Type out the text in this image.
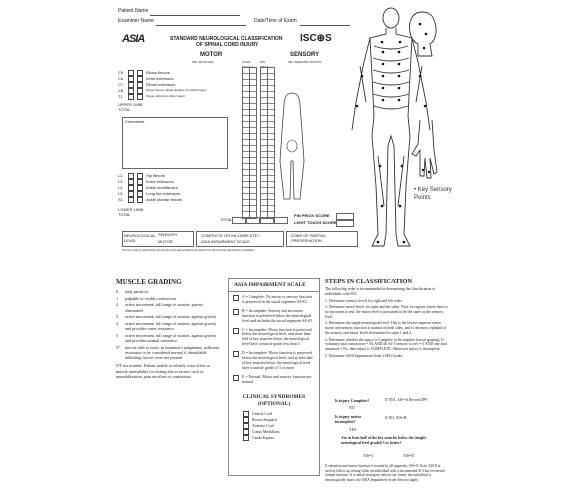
Patient Name
Examiner Name	Date/Time of Exam
ASIA	STANDARD NEUROLOGICAL CLASSIFICATION
OF SPINAL CORD INJURY
ISC⊕S
MOTOR	SENSORY
KEY MUSCLES	LIGHT	PIN	KEY SENSORY POINTS
C5	Elbow flexors
C6	Wrist extensors
C7	Elbow extensors
C8	Finger flexors (distal phalanx of middle finger)
T1	Finger abductors (little finger)
UPPER LIMB
TOTAL
Comments
L2	Hip flexors
L3	Knee extensors
L4	Ankle dorsiflexors
L5	Long toe extensors
S1	Ankle plantar flexors
LOWER LIMB
TOTAL
TOTAL
PIN PRICK SCORE
LIGHT TOUCH SCORE
NEUROLOGICAL LEVEL
SENSORY
MOTOR
COMPLETE OR INCOMPLETE?
ASIA IMPAIRMENT SCALE
ZONE OF PARTIAL PRESERVATION
This form may be copied freely but should not be altered without permission from the American Spinal Injury Association.
• Key Sensory Points
MUSCLE GRADING
0	total paralysis
1	palpable or visible contraction
2	active movement, full range of motion, gravity eliminated
3	active movement, full range of motion, against gravity
4	active movement, full range of motion, against gravity and provides some resistance
5	active movement, full range of motion, against gravity and provides normal resistance
5*	muscle able to exert, in examiner's judgement, sufficient resistance to be considered normal if identifiable inhibiting factors were not present
NT not testable. Patient unable to reliably exert effort or muscle unavailable for testing due to factors such as immobilization, pain on effort or contracture.
ASIA IMPAIRMENT SCALE
A = Complete: No motor or sensory function is preserved in the sacral segments S4-S5.
B = Incomplete: Sensory but not motor function is preserved below the neurological level and includes the sacral segments S4-S5.
C = Incomplete: Motor function is preserved below the neurological level, and more than half of key muscles below the neurological level have a muscle grade less than 3.
D = Incomplete: Motor function is preserved below the neurological level, and at least half of key muscles below the neurological level have a muscle grade of 3 or more.
E = Normal: Motor and sensory function are normal.
CLINICAL SYNDROMES (OPTIONAL)
Central Cord
Brown-Sequard
Anterior Cord
Conus Medullaris
Cauda Equina
STEPS IN CLASSIFICATION
The following order is recommended in determining the classification of individuals with SCI.
1. Determine sensory levels for right and left sides.
2. Determine motor levels for right and left sides. Note: in regions where there is no myotome to test, the motor level is presumed to be the same as the sensory level.
3. Determine the single neurological level. This is the lowest segment where motor and sensory function is normal on both sides, and is the most cephalad of the sensory and motor levels determined in steps 1 and 2.
4. Determine whether the injury is Complete or Incomplete (sacral sparing). If voluntary anal contraction = No AND all S4-5 sensory scores = 0 AND any anal sensation = No, then injury is COMPLETE. Otherwise injury is incomplete.
5. Determine ASIA Impairment Scale (AIS) Grade:
Is injury Complete?	If YES, AIS=A Record ZPP
NO
Is injury motor incomplete?
If NO, AIS=B
YES
Are at least half of the key muscles below the (single) neurological level graded 3 or better?
AIS=C	AIS=D
If sensation and motor function is normal in all segments, AIS=E Note: AIS E is used in follow up testing when an individual with a documented SCI has recovered normal function. If at initial testing no deficits are found, the individual is neurologically intact; the ASIA Impairment Scale does not apply.
